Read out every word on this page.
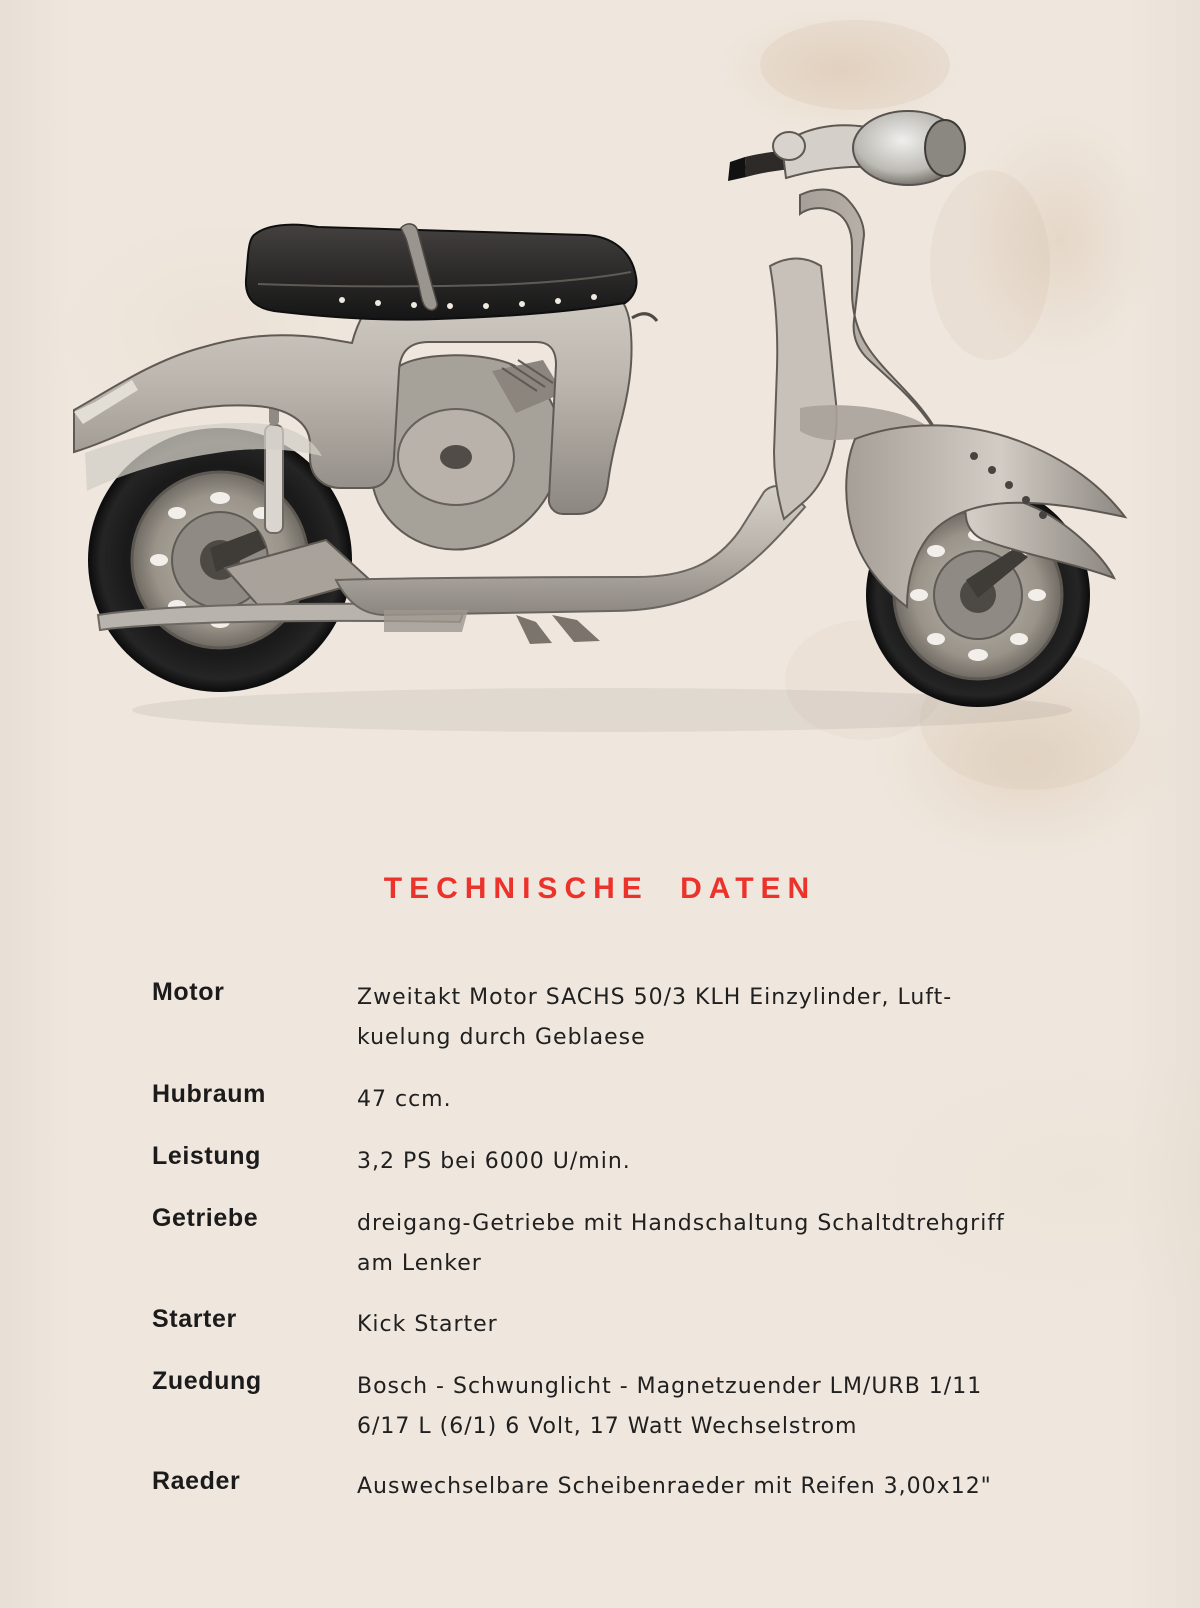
TECHNISCHE DATEN
Motor	Zweitakt Motor SACHS 50/3 KLH Einzylinder, Luft-
kuelung durch Geblaese
Hubraum	47 ccm.
Leistung	3,2 PS bei 6000 U/min.
Getriebe	dreigang-Getriebe mit Handschaltung Schaltdtrehgriff
am Lenker
Starter	Kick Starter
Zuedung	Bosch - Schwunglicht - Magnetzuender LM/URB 1/11
6/17 L (6/1) 6 Volt, 17 Watt Wechselstrom
Raeder	Auswechselbare Scheibenraeder mit Reifen 3,00x12"
